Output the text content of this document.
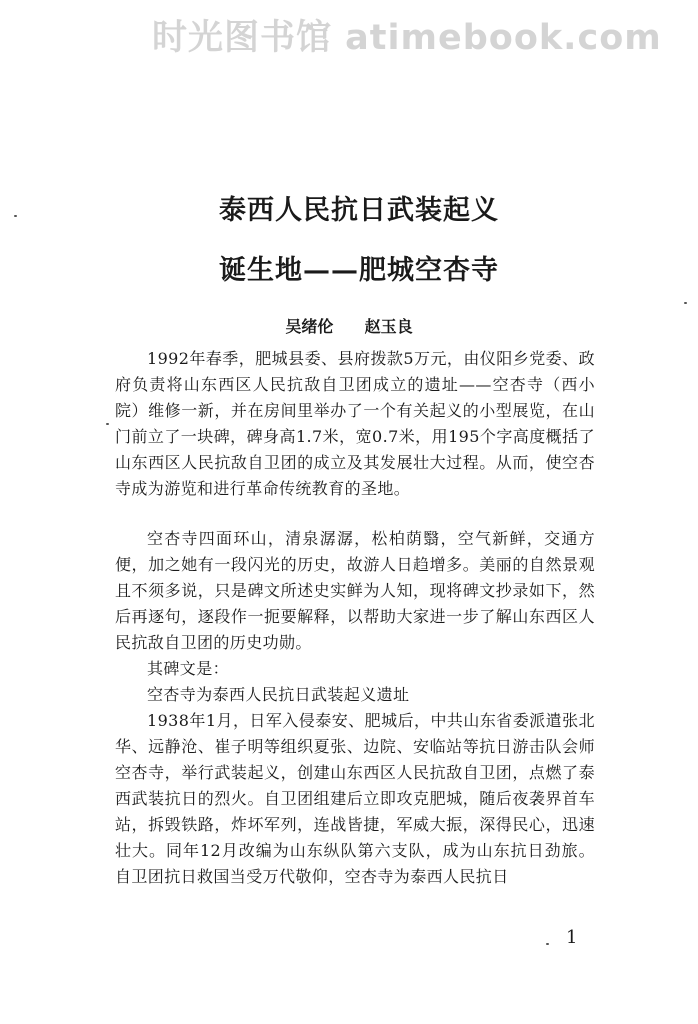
时光图书馆 atimebook.com
泰西人民抗日武装起义
诞生地——肥城空杏寺
吴绪伦  赵玉良
1992年春季，肥城县委、县府拨款5万元，由仪阳乡党委、政府负责将山东西区人民抗敌自卫团成立的遗址——空杏寺（西小院）维修一新，并在房间里举办了一个有关起义的小型展览，在山门前立了一块碑，碑身高1.7米，宽0.7米，用195个字高度概括了山东西区人民抗敌自卫团的成立及其发展壮大过程。从而，使空杏寺成为游览和进行革命传统教育的圣地。
空杏寺四面环山，清泉潺潺，松柏荫翳，空气新鲜，交通方便，加之她有一段闪光的历史，故游人日趋增多。美丽的自然景观且不须多说，只是碑文所述史实鲜为人知，现将碑文抄录如下，然后再逐句，逐段作一扼要解释，以帮助大家进一步了解山东西区人民抗敌自卫团的历史功勋。
其碑文是：
空杏寺为泰西人民抗日武装起义遗址
1938年1月，日军入侵泰安、肥城后，中共山东省委派遣张北华、远静沧、崔子明等组织夏张、边院、安临站等抗日游击队会师空杏寺，举行武装起义，创建山东西区人民抗敌自卫团，点燃了泰西武装抗日的烈火。自卫团组建后立即攻克肥城，随后夜袭界首车站，拆毁铁路，炸坏军列，连战皆捷，军威大振，深得民心，迅速壮大。同年12月改编为山东纵队第六支队，成为山东抗日劲旅。自卫团抗日救国当受万代敬仰，空杏寺为泰西人民抗日
1
